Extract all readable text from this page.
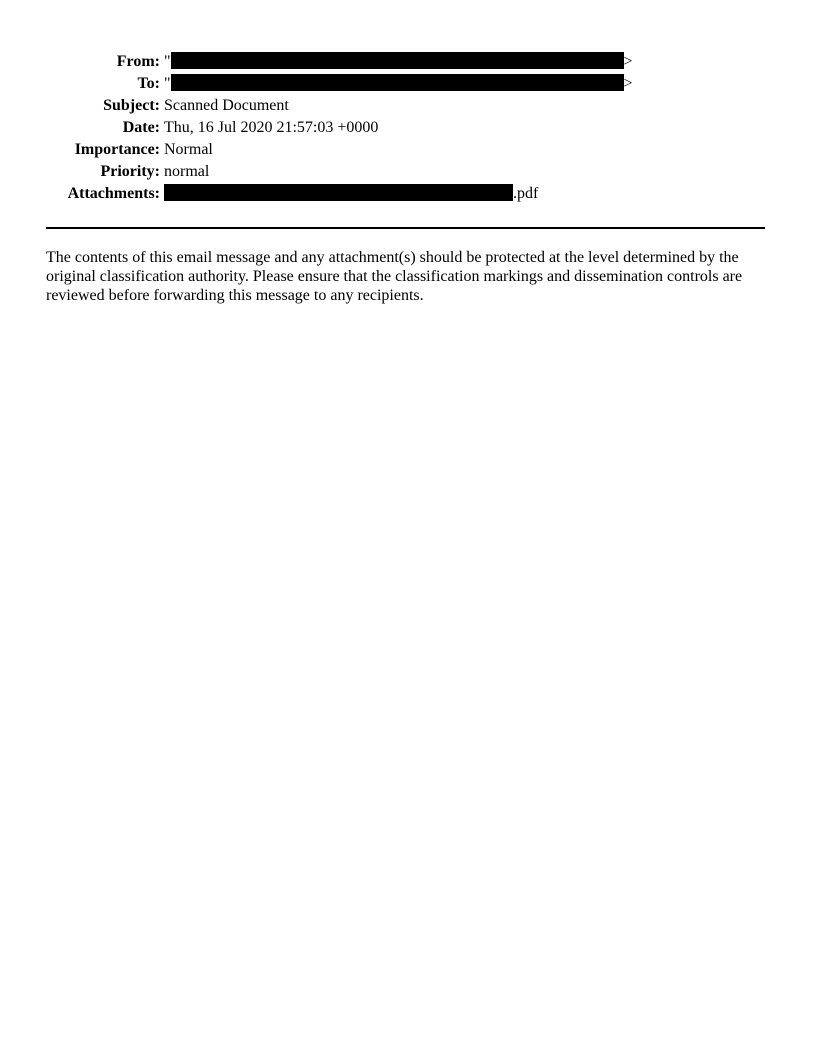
From: "	>
To: "	>
Subject: Scanned Document
Date: Thu, 16 Jul 2020 21:57:03 +0000
Importance: Normal
Priority: normal
Attachments:	.pdf

The contents of this email message and any attachment(s) should be protected at the level determined by the original classification authority. Please ensure that the classification markings and dissemination controls are reviewed before forwarding this message to any recipients.
